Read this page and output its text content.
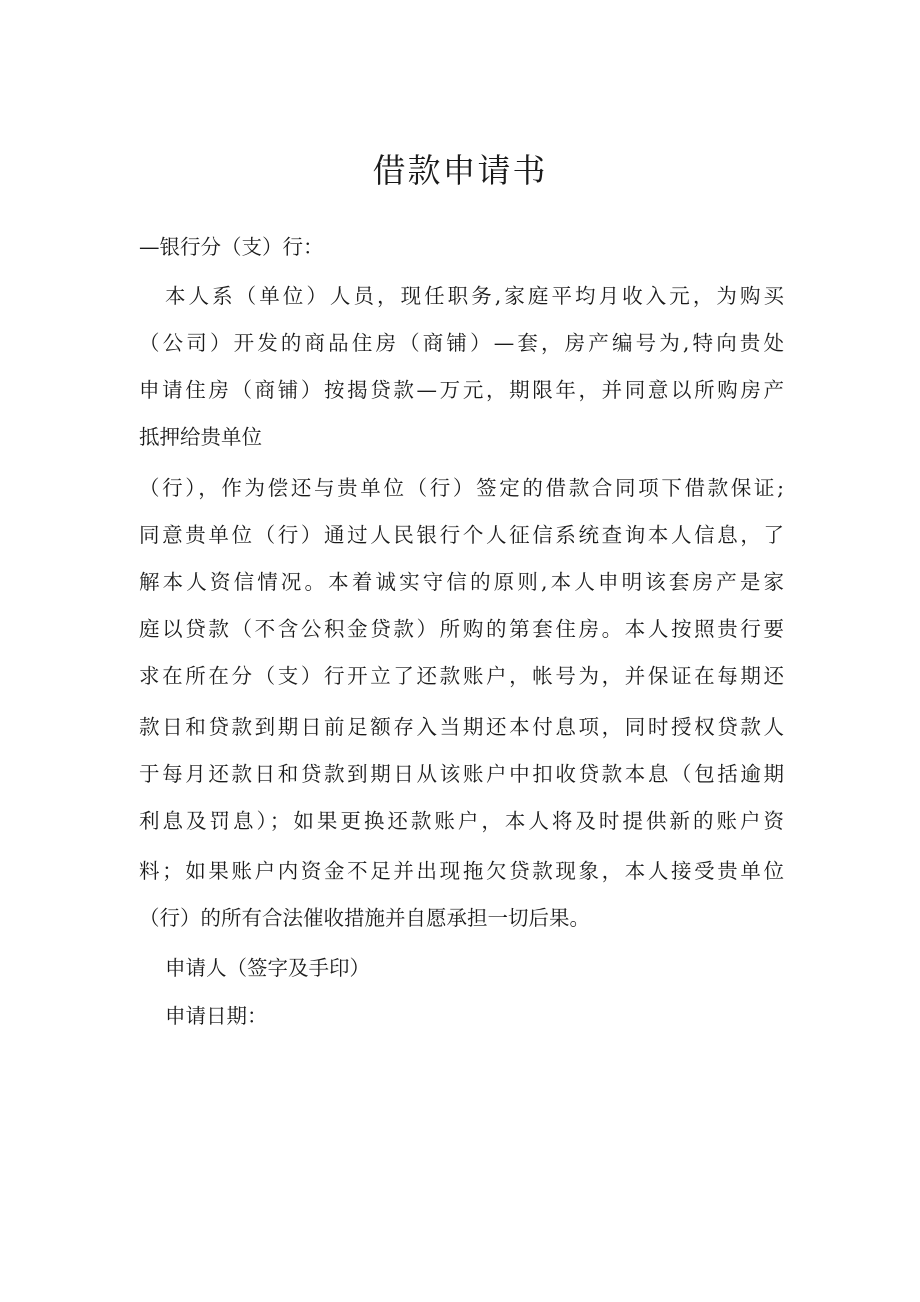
借款申请书
—银行分（支）行：
本人系（单位）人员，现任职务,家庭平均月收入元，为购买
（公司）开发的商品住房（商铺）—套，房产编号为,特向贵处
申请住房（商铺）按揭贷款—万元，期限年，并同意以所购房产
抵押给贵单位
（行），作为偿还与贵单位（行）签定的借款合同项下借款保证;
同意贵单位（行）通过人民银行个人征信系统查询本人信息，了
解本人资信情况。本着诚实守信的原则,本人申明该套房产是家
庭以贷款（不含公积金贷款）所购的第套住房。本人按照贵行要
求在所在分（支）行开立了还款账户，帐号为，并保证在每期还
款日和贷款到期日前足额存入当期还本付息项，同时授权贷款人
于每月还款日和贷款到期日从该账户中扣收贷款本息（包括逾期
利息及罚息）；如果更换还款账户，本人将及时提供新的账户资
料；如果账户内资金不足并出现拖欠贷款现象，本人接受贵单位
（行）的所有合法催收措施并自愿承担一切后果。
申请人（签字及手印）
申请日期：
